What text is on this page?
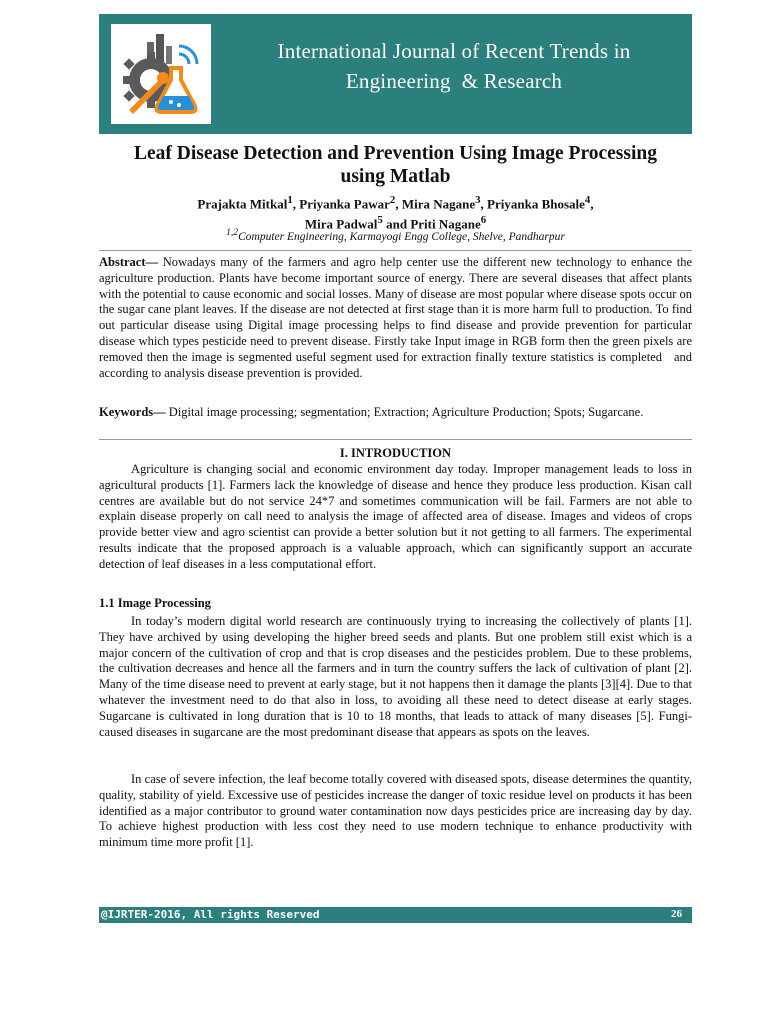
International Journal of Recent Trends in
Engineering  & Research
Leaf Disease Detection and Prevention Using Image Processing
using Matlab
Prajakta Mitkal$^1$, Priyanka Pawar$^2$, Mira Nagane$^3$, Priyanka Bhosale$^4$,
Mira Padwal$^5$ and Priti Nagane$^6$
$^{1,2}$Computer Engineering, Karmayogi Engg College, Shelve, Pandharpur
Abstract— Nowadays many of the farmers and agro help center use the different new technology to enhance the agriculture production. Plants have become important source of energy. There are several diseases that affect plants with the potential to cause economic and social losses. Many of disease are most popular where disease spots occur on the sugar cane plant leaves. If the disease are not detected at first stage than it is more harm full to production. To find out particular disease using Digital image processing helps to find disease and provide prevention for particular disease which types pesticide need to prevent disease. Firstly take Input image in RGB form then the green pixels are removed then the image is segmented useful segment used for extraction finally texture statistics is completed   and according to analysis disease prevention is provided.
Keywords— Digital image processing; segmentation; Extraction; Agriculture Production; Spots; Sugarcane.
I. INTRODUCTION
Agriculture is changing social and economic environment day today. Improper management leads to loss in agricultural products [1]. Farmers lack the knowledge of disease and hence they produce less production. Kisan call centres are available but do not service 24*7 and sometimes communication will be fail. Farmers are not able to explain disease properly on call need to analysis the image of affected area of disease. Images and videos of crops provide better view and agro scientist can provide a better solution but it not getting to all farmers. The experimental results indicate that the proposed approach is a valuable approach, which can significantly support an accurate detection of leaf diseases in a less computational effort.
1.1 Image Processing
In today’s modern digital world research are continuously trying to increasing the collectively of plants [1]. They have archived by using developing the higher breed seeds and plants. But one problem still exist which is a major concern of the cultivation of crop and that is crop diseases and the pesticides problem. Due to these problems, the cultivation decreases and hence all the farmers and in turn the country suffers the lack of cultivation of plant [2]. Many of the time disease need to prevent at early stage, but it not happens then it damage the plants [3][4]. Due to that whatever the investment need to do that also in loss, to avoiding all these need to detect disease at early stages. Sugarcane is cultivated in long duration that is 10 to 18 months, that leads to attack of many diseases [5]. Fungi-caused diseases in sugarcane are the most predominant disease that appears as spots on the leaves.
In case of severe infection, the leaf become totally covered with diseased spots, disease determines the quantity, quality, stability of yield. Excessive use of pesticides increase the danger of toxic residue level on products it has been identified as a major contributor to ground water contamination now days pesticides price are increasing day by day. To achieve highest production with less cost they need to use modern technique to enhance productivity with minimum time more profit [1].
@IJRTER-2016, All rights Reserved	26
